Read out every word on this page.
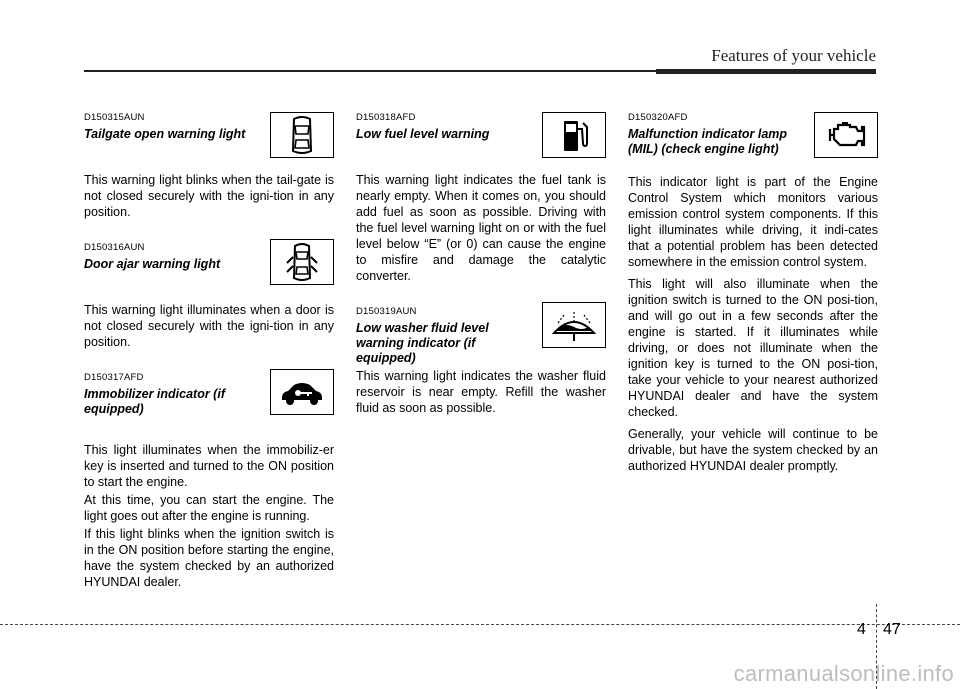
Features of your vehicle

D150315AUN

Tailgate open warning light

This warning light blinks when the tail-gate is not closed securely with the igni-tion in any position.

D150316AUN

Door ajar warning light

This warning light illuminates when a door is not closed securely with the igni-tion in any position.

D150317AFD

Immobilizer indicator (if equipped)

This light illuminates when the immobiliz-er key is inserted and turned to the ON position to start the engine.

At this time, you can start the engine. The light goes out after the engine is running.

If this light blinks when the ignition switch is in the ON position before starting the engine, have the system checked by an authorized HYUNDAI dealer.

D150318AFD

Low fuel level warning

This warning light indicates the fuel tank is nearly empty. When it comes on, you should add fuel as soon as possible. Driving with the fuel level warning light on or with the fuel level below “E” (or 0) can cause the engine to misfire and damage the catalytic converter.

D150319AUN

Low washer fluid level warning indicator (if equipped)

This warning light indicates the washer fluid reservoir is near empty. Refill the washer fluid as soon as possible.

D150320AFD

Malfunction indicator lamp (MIL) (check engine light)

This indicator light is part of the Engine Control System which monitors various emission control system components. If this light illuminates while driving, it indi-cates that a potential problem has been detected somewhere in the emission control system.

This light will also illuminate when the ignition switch is turned to the ON posi-tion, and will go out in a few seconds after the engine is started. If it illuminates while driving, or does not illuminate when the ignition key is turned to the ON posi-tion, take your vehicle to your nearest authorized HYUNDAI dealer and have the system checked.

Generally, your vehicle will continue to be drivable, but have the system checked by an authorized HYUNDAI dealer promptly.

4 47
carmanualsonline.info
